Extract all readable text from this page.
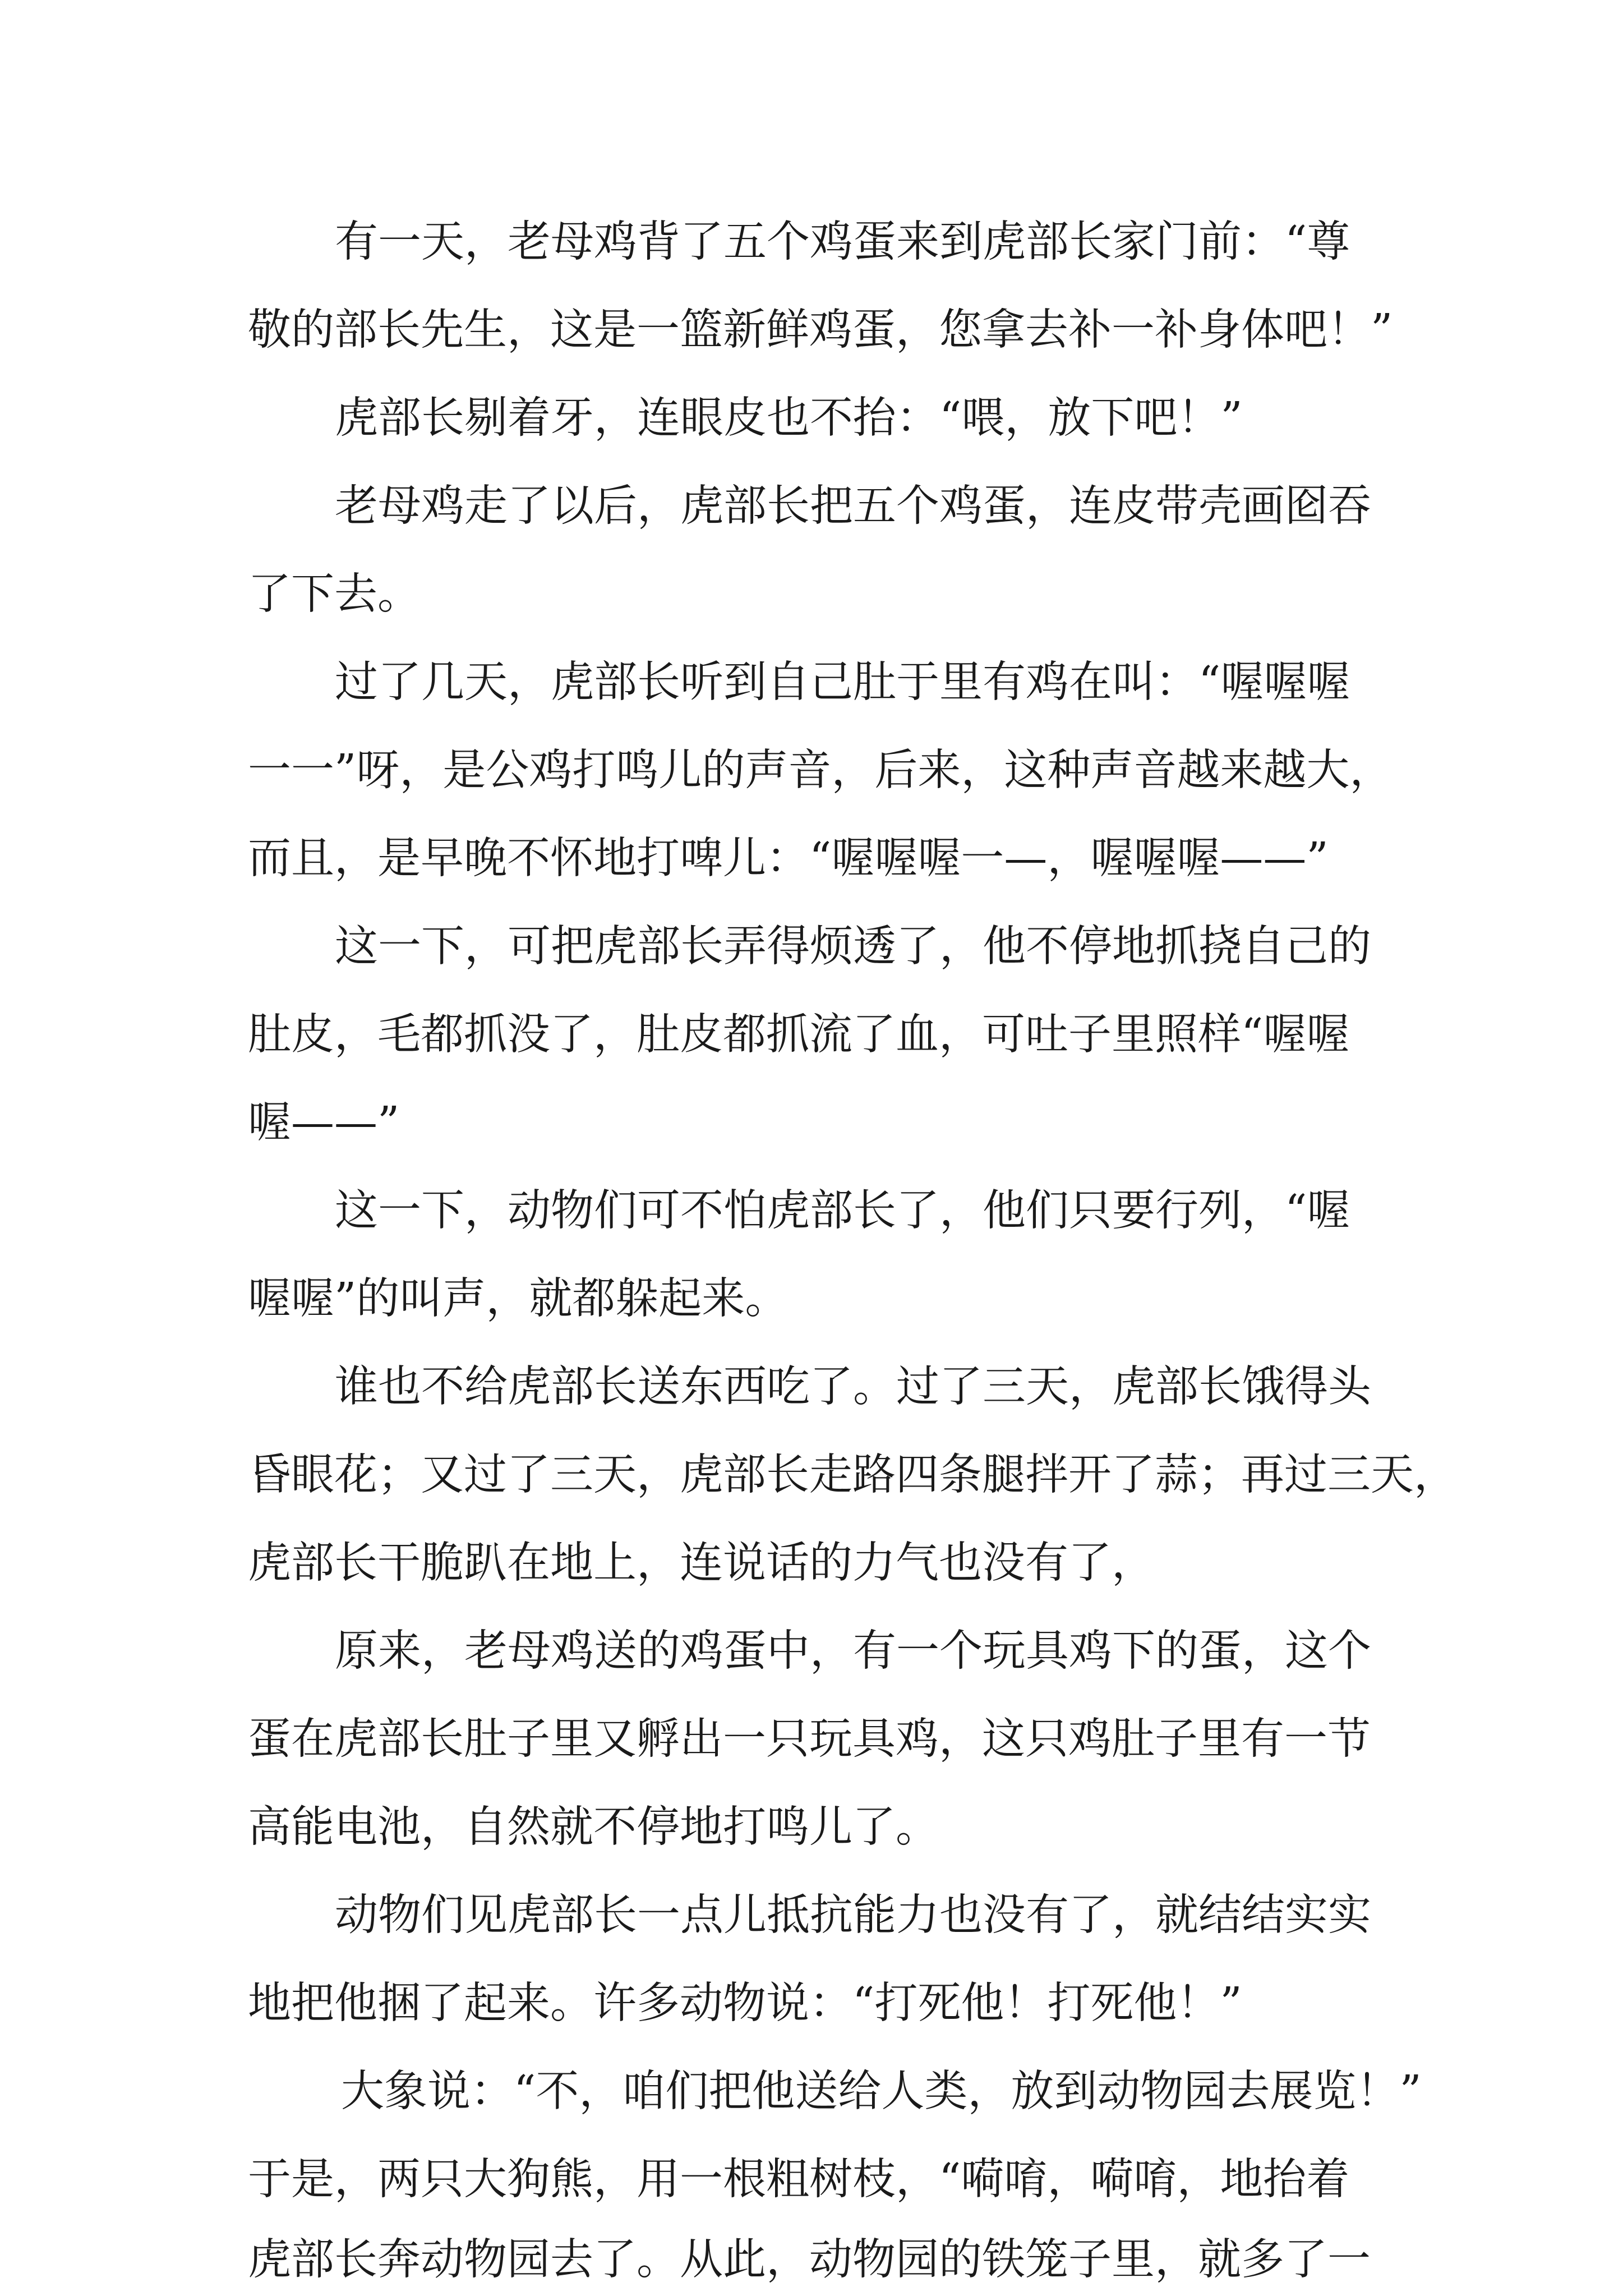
有一天，老母鸡背了五个鸡蛋来到虎部长家门前：“尊

敬的部长先生，这是一篮新鲜鸡蛋，您拿去补一补身体吧！”

虎部长剔着牙，连眼皮也不抬：“喂，放下吧！”

老母鸡走了以后，虎部长把五个鸡蛋，连皮带壳画囵吞

了下去。

过了几天，虎部长听到自己肚于里有鸡在叫：“喔喔喔

一一”呀，是公鸡打鸣儿的声音，后来，这种声音越来越大，

而且，是早晚不怀地打啤儿：“喔喔喔一—，喔喔喔——”

这一下，可把虎部长弄得烦透了，他不停地抓挠自己的

肚皮，毛都抓没了，肚皮都抓流了血，可吐子里照样“喔喔

喔——”

这一下，动物们可不怕虎部长了，他们只要行列，“喔

喔喔”的叫声，就都躲起来。

谁也不给虎部长送东西吃了。过了三天，虎部长饿得头

昏眼花；又过了三天，虎部长走路四条腿拌开了蒜；再过三天，

虎部长干脆趴在地上，连说话的力气也没有了，

原来，老母鸡送的鸡蛋中，有一个玩具鸡下的蛋，这个

蛋在虎部长肚子里又孵出一只玩具鸡，这只鸡肚子里有一节

高能电池，自然就不停地打鸣儿了。

动物们见虎部长一点儿抵抗能力也没有了，就结结实实

地把他捆了起来。许多动物说：“打死他！打死他！”

大象说：“不，咱们把他送给人类，放到动物园去展览！”

于是，两只大狗熊，用一根粗树枝，“嗬唷，嗬唷，地抬着

虎部长奔动物园去了。从此，动物园的铁笼子里，就多了一
